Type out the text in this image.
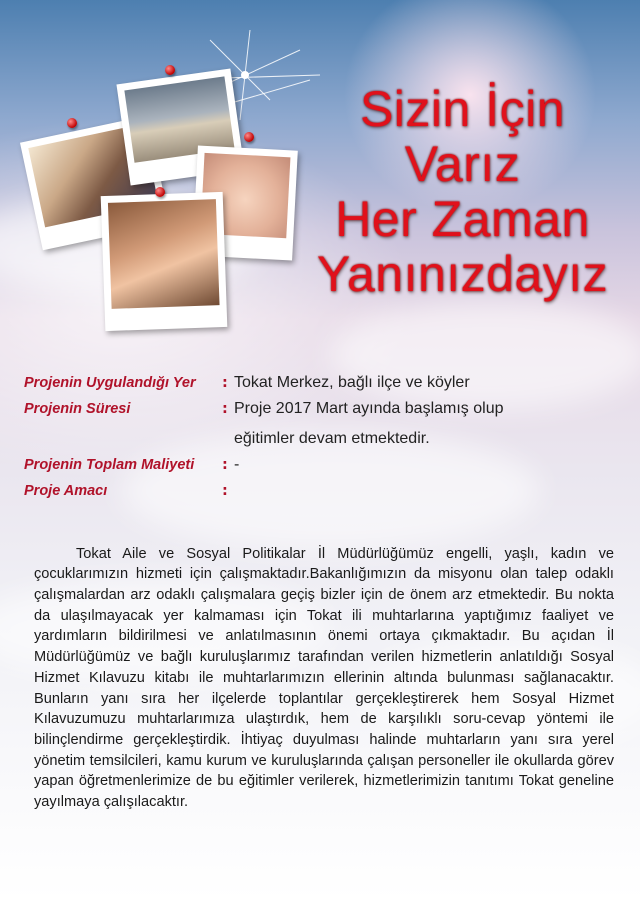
Sizin İçin
Varız
Her Zaman
Yanınızdayız
Projenin Uygulandığı Yer : Tokat Merkez, bağlı ilçe ve köyler
Projenin Süresi	: Proje 2017 Mart ayında başlamış olup
eğitimler devam etmektedir.
Projenin Toplam Maliyeti : -
Proje Amacı	:

Tokat Aile ve Sosyal Politikalar İl Müdürlüğümüz engelli, yaşlı, kadın ve çocuklarımızın hizmeti için çalışmaktadır.Bakanlığımızın da misyonu olan talep odaklı çalışmalardan arz odaklı çalışmalara geçiş bizler için de önem arz etmektedir. Bu nokta da ulaşılmayacak yer kalmaması için Tokat ili muhtarlarına yaptığımız faaliyet ve yardımların bildirilmesi ve anlatılmasının önemi ortaya çıkmaktadır. Bu açıdan İl Müdürlüğümüz ve bağlı kuruluşlarımız tarafından verilen hizmetlerin anlatıldığı Sosyal Hizmet Kılavuzu kitabı ile muhtarlarımızın ellerinin altında bulunması sağlanacaktır. Bunların yanı sıra her ilçelerde toplantılar gerçekleştirerek hem Sosyal Hizmet Kılavuzumuzu muhtarlarımıza ulaştırdık, hem de karşılıklı soru-cevap yöntemi ile bilinçlendirme gerçekleştirdik. İhtiyaç duyulması halinde muhtarların yanı sıra yerel yönetim temsilcileri, kamu kurum ve kuruluşlarında çalışan personeller ile okullarda görev yapan öğretmenlerimize de bu eğitimler verilerek, hizmetlerimizin tanıtımı Tokat geneline yayılmaya çalışılacaktır.
